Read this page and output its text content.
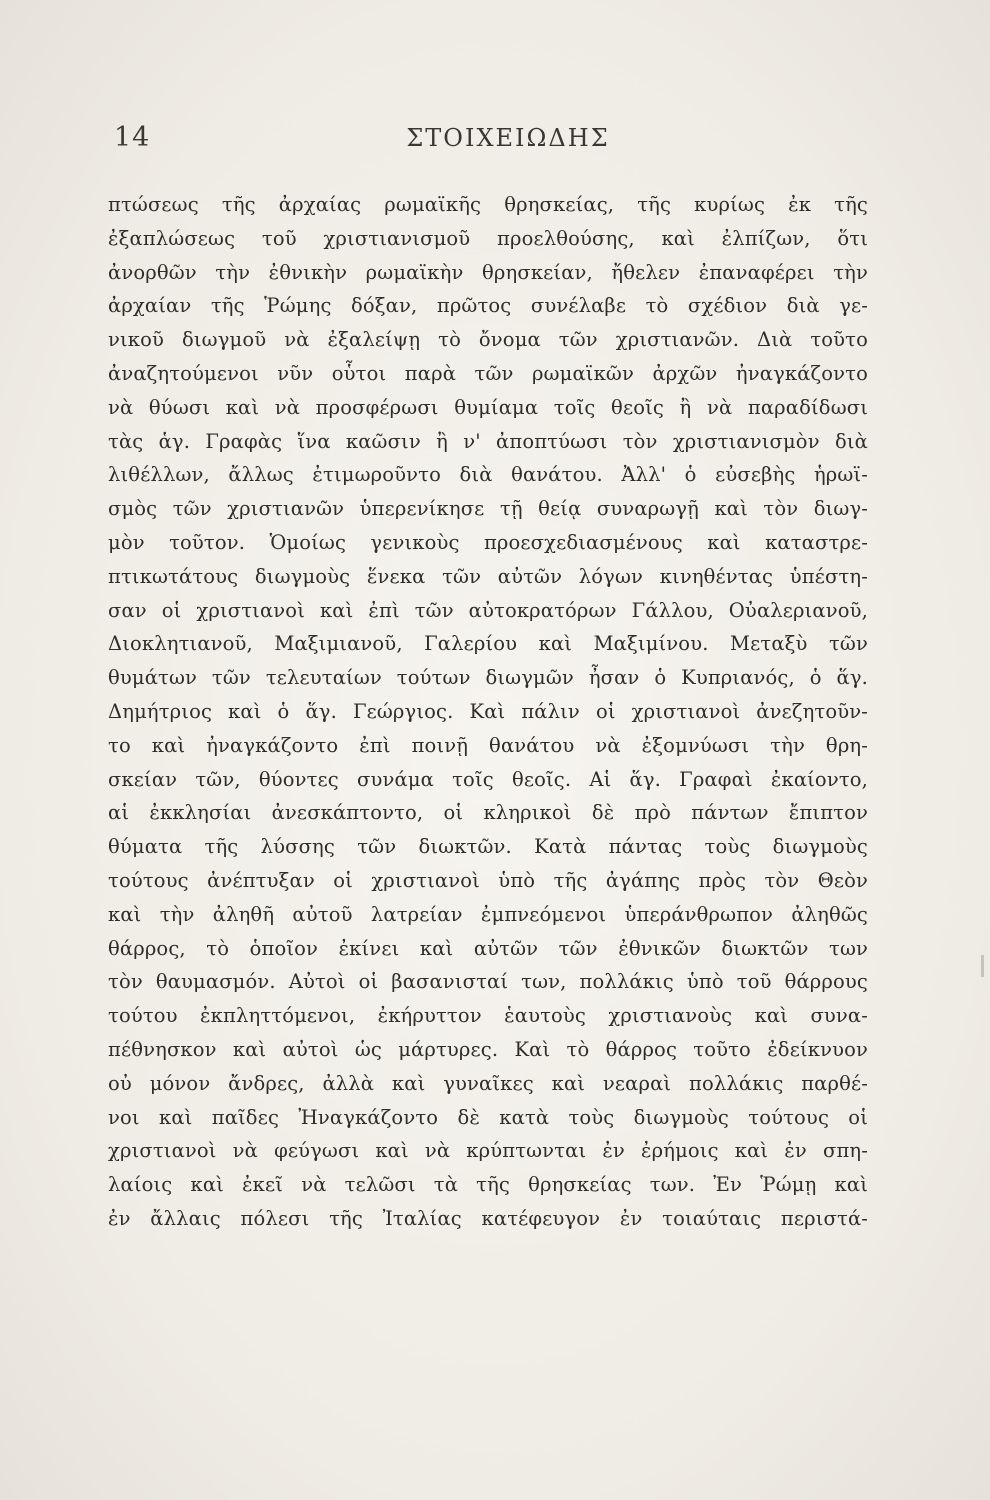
14	ΣΤΟΙΧΕΙΩΔΗΣ
πτώσεως τῆς ἀρχαίας ρωμαϊκῆς θρησκείας, τῆς κυρίως ἐκ τῆς
ἐξαπλώσεως τοῦ χριστιανισμοῦ προελθούσης, καὶ ἐλπίζων, ὅτι
ἀνορθῶν τὴν ἐθνικὴν ρωμαϊκὴν θρησκείαν, ἤθελεν ἐπαναφέρει τὴν
ἀρχαίαν τῆς Ῥώμης δόξαν, πρῶτος συνέλαβε τὸ σχέδιον διὰ γε-
νικοῦ διωγμοῦ νὰ ἐξαλείψῃ τὸ ὄνομα τῶν χριστιανῶν. Διὰ τοῦτο
ἀναζητούμενοι νῦν οὗτοι παρὰ τῶν ρωμαϊκῶν ἀρχῶν ἠναγκάζοντο
νὰ θύωσι καὶ νὰ προσφέρωσι θυμίαμα τοῖς θεοῖς ἢ νὰ παραδίδωσι
τὰς ἁγ. Γραφὰς ἵνα καῶσιν ἢ ν' ἀποπτύωσι τὸν χριστιανισμὸν διὰ
λιθέλλων, ἄλλως ἐτιμωροῦντο διὰ θανάτου. Ἀλλ' ὁ εὐσεβὴς ἡρωϊ-
σμὸς τῶν χριστιανῶν ὑπερενίκησε τῇ θείᾳ συναρωγῇ καὶ τὸν διωγ-
μὸν τοῦτον. Ὁμοίως γενικοὺς προεσχεδιασμένους καὶ καταστρε-
πτικωτάτους διωγμοὺς ἕνεκα τῶν αὐτῶν λόγων κινηθέντας ὑπέστη-
σαν οἱ χριστιανοὶ καὶ ἐπὶ τῶν αὐτοκρατόρων Γάλλου, Οὐαλεριανοῦ,
Διοκλητιανοῦ, Μαξιμιανοῦ, Γαλερίου καὶ Μαξιμίνου. Μεταξὺ τῶν
θυμάτων τῶν τελευταίων τούτων διωγμῶν ἦσαν ὁ Κυπριανός, ὁ ἅγ.
Δημήτριος καὶ ὁ ἅγ. Γεώργιος. Καὶ πάλιν οἱ χριστιανοὶ ἀνεζητοῦν-
το καὶ ἠναγκάζοντο ἐπὶ ποινῇ θανάτου νὰ ἐξομνύωσι τὴν θρη-
σκείαν τῶν, θύοντες συνάμα τοῖς θεοῖς. Αἱ ἅγ. Γραφαὶ ἐκαίοντο,
αἱ ἐκκλησίαι ἀνεσκάπτοντο, οἱ κληρικοὶ δὲ πρὸ πάντων ἔπιπτον
θύματα τῆς λύσσης τῶν διωκτῶν. Κατὰ πάντας τοὺς διωγμοὺς
τούτους ἀνέπτυξαν οἱ χριστιανοὶ ὑπὸ τῆς ἀγάπης πρὸς τὸν Θεὸν
καὶ τὴν ἀληθῆ αὐτοῦ λατρείαν ἐμπνεόμενοι ὑπεράνθρωπον ἀληθῶς
θάρρος, τὸ ὁποῖον ἐκίνει καὶ αὐτῶν τῶν ἐθνικῶν διωκτῶν των
τὸν θαυμασμόν. Αὐτοὶ οἱ βασανισταί των, πολλάκις ὑπὸ τοῦ θάρρους
τούτου ἐκπληττόμενοι, ἐκήρυττον ἑαυτοὺς χριστιανοὺς καὶ συνα-
πέθνησκον καὶ αὐτοὶ ὡς μάρτυρες. Καὶ τὸ θάρρος τοῦτο ἐδείκνυον
οὐ μόνον ἄνδρες, ἀλλὰ καὶ γυναῖκες καὶ νεαραὶ πολλάκις παρθέ-
νοι καὶ παῖδες Ἠναγκάζοντο δὲ κατὰ τοὺς διωγμοὺς τούτους οἱ
χριστιανοὶ νὰ φεύγωσι καὶ νὰ κρύπτωνται ἐν ἐρήμοις καὶ ἐν σπη-
λαίοις καὶ ἐκεῖ νὰ τελῶσι τὰ τῆς θρησκείας των. Ἐν Ῥώμῃ καὶ
ἐν ἄλλαις πόλεσι τῆς Ἰταλίας κατέφευγον ἐν τοιαύταις περιστά-
